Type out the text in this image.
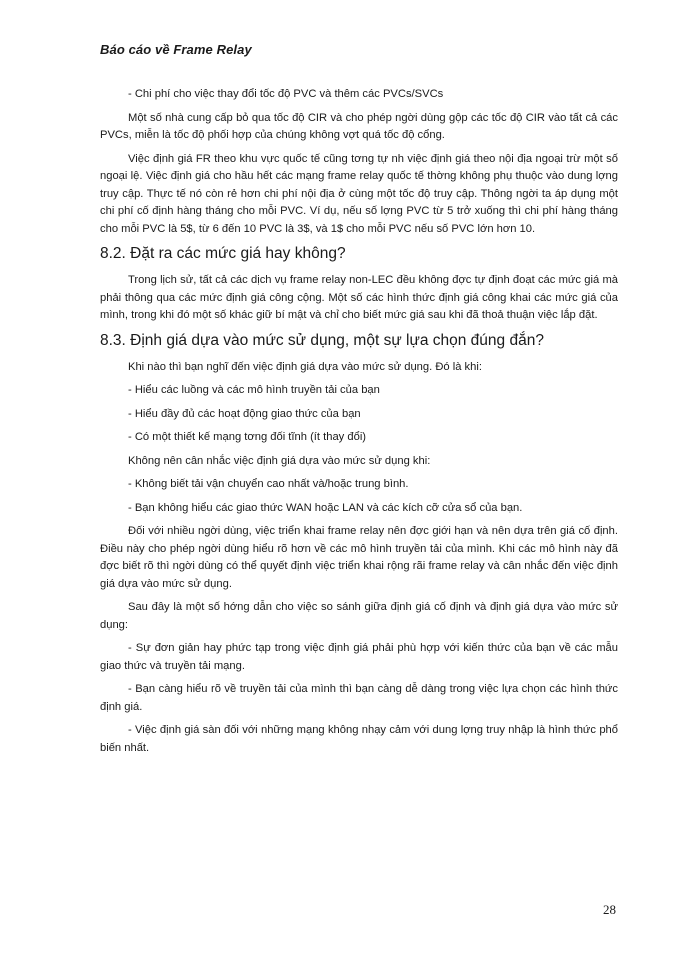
Báo cáo về Frame Relay

- Chi phí cho việc thay đổi tốc độ PVC và thêm các PVCs/SVCs

Một số nhà cung cấp bỏ qua tốc độ CIR và cho phép ngời dùng gộp các tốc độ CIR vào tất cả các PVCs, miễn là tốc độ phối hợp của chúng không vợt quá tốc độ cổng.

Việc định giá FR theo khu vực quốc tế cũng tơng tự nh việc định giá theo nội địa ngoại trừ một số ngoại lệ. Việc định giá cho hầu hết các mạng frame relay quốc tế thờng không phụ thuộc vào dung lợng truy cập. Thực tế nó còn rẻ hơn chi phí nội địa ở cùng một tốc độ truy cập. Thông ngời ta áp dụng một chi phí cố định hàng tháng cho mỗi PVC. Ví dụ, nếu số lợng PVC từ 5 trở xuống thì chi phí hàng tháng cho mỗi PVC là 5$, từ 6 đến 10 PVC là 3$, và 1$ cho mỗi PVC nếu số PVC lớn hơn 10.

8.2. Đặt ra các mức giá hay không?

Trong lịch sử, tất cả các dịch vụ frame relay non-LEC đều không đợc tự định đoạt các mức giá mà phải thông qua các mức định giá công cộng. Một số các hình thức định giá công khai các mức giá của mình, trong khi đó một số khác giữ bí mật và chỉ cho biết mức giá sau khi đã thoả thuận việc lắp đặt.

8.3. Định giá dựa vào mức sử dụng, một sự lựa chọn đúng đắn?

Khi nào thì bạn nghĩ đến việc định giá dựa vào mức sử dụng. Đó là khi:

- Hiểu các luồng và các mô hình truyền tải của bạn

- Hiểu đầy đủ các hoạt động giao thức của bạn

- Có một thiết kế mạng tơng đối tĩnh (ít thay đổi)

Không nên cân nhắc việc định giá dựa vào mức sử dụng khi:

- Không biết tải vận chuyển cao nhất và/hoặc trung bình.

- Bạn không hiểu các giao thức WAN hoặc LAN và các kích cỡ cửa sổ của bạn.

Đối với nhiều ngời dùng, việc triển khai frame relay nên đợc giới hạn và nên dựa trên giá cố định. Điều này cho phép ngời dùng hiểu rõ hơn về các mô hình truyền tải của mình. Khi các mô hình này đã đợc biết rõ thì ngời dùng có thể quyết định việc triển khai rộng rãi frame relay và cân nhắc đến việc định giá dựa vào mức sử dụng.

Sau đây là một số hớng dẫn cho việc so sánh giữa định giá cố định và định giá dựa vào mức sử dụng:

- Sự đơn giản hay phức tạp trong việc định giá phải phù hợp với kiến thức của bạn về các mẫu giao thức và truyền tải mạng.

- Bạn càng hiểu rõ về truyền tải của mình thì bạn càng dễ dàng trong việc lựa chọn các hình thức định giá.

- Việc định giá sàn đối với những mạng không nhạy cảm với dung lợng truy nhập là hình thức phổ biến nhất.

28
